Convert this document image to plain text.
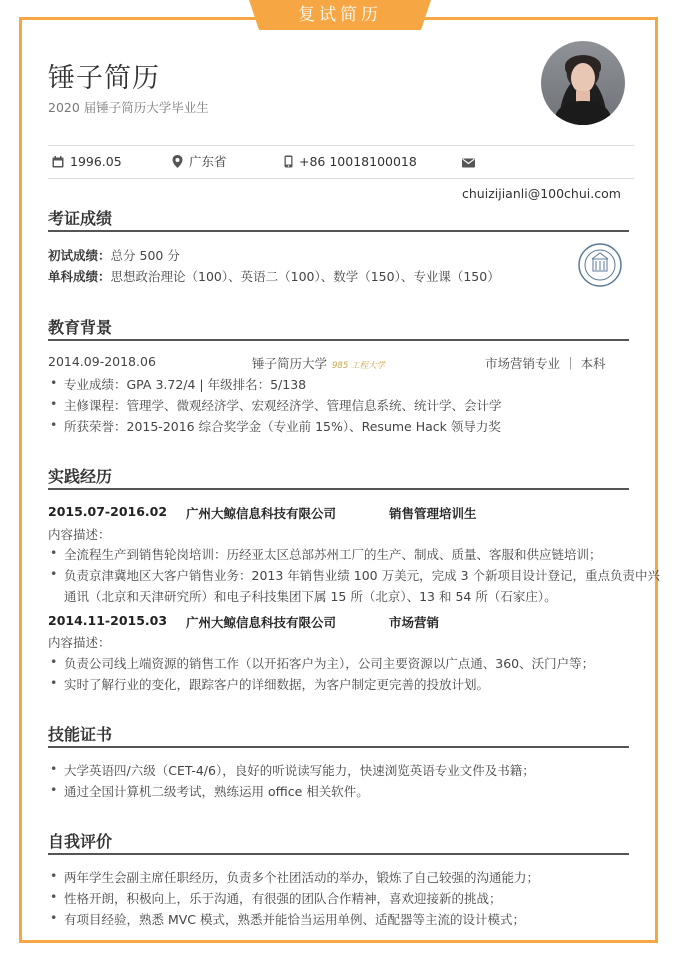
复试简历
锤子简历
2020 届锤子简历大学毕业生
1996.05	广东省	+86 10018100018
chuizijianli@100chui.com
考证成绩
初试成绩：总分 500 分
单科成绩：思想政治理论（100）、英语二（100）、数学（150）、专业课（150）
教育背景
2014.09-2018.06	锤子简历大学 985 工程大学	市场营销专业 ｜ 本科
• 专业成绩：GPA 3.72/4 | 年级排名：5/138
• 主修课程：管理学、微观经济学、宏观经济学、管理信息系统、统计学、会计学
• 所获荣誉：2015-2016 综合奖学金（专业前 15%）、Resume Hack 领导力奖
实践经历
2015.07-2016.02 广州大鲸信息科技有限公司	销售管理培训生
内容描述：
• 全流程生产到销售轮岗培训：历经亚太区总部苏州工厂的生产、制成、质量、客服和供应链培训；
• 负责京津冀地区大客户销售业务：2013 年销售业绩 100 万美元，完成 3 个新项目设计登记，重点负责中兴
通讯（北京和天津研究所）和电子科技集团下属 15 所（北京）、13 和 54 所（石家庄）。
2014.11-2015.03 广州大鲸信息科技有限公司	市场营销
内容描述：
• 负责公司线上端资源的销售工作（以开拓客户为主），公司主要资源以广点通、360、沃门户等；
• 实时了解行业的变化，跟踪客户的详细数据，为客户制定更完善的投放计划。
技能证书
• 大学英语四/六级（CET-4/6），良好的听说读写能力，快速浏览英语专业文件及书籍；
• 通过全国计算机二级考试，熟练运用 office 相关软件。
自我评价
• 两年学生会副主席任职经历，负责多个社团活动的举办，锻炼了自己较强的沟通能力；
• 性格开朗，积极向上，乐于沟通，有很强的团队合作精神，喜欢迎接新的挑战；
• 有项目经验，熟悉 MVC 模式，熟悉并能恰当运用单例、适配器等主流的设计模式；
